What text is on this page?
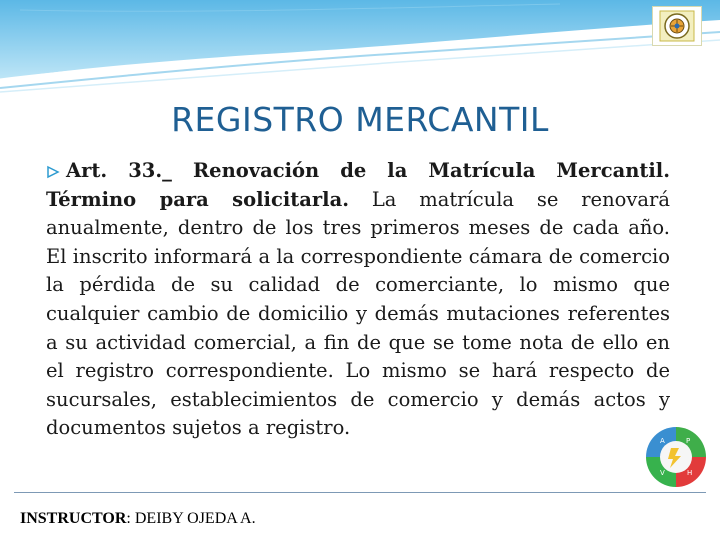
REGISTRO MERCANTIL

Art. 33._ Renovación de la Matrícula Mercantil. Término para solicitarla. La matrícula se renovará anualmente, dentro de los tres primeros meses de cada año. El inscrito informará a la correspondiente cámara de comercio la pérdida de su calidad de comerciante, lo mismo que cualquier cambio de domicilio y demás mutaciones referentes a su actividad comercial, a fin de que se tome nota de ello en el registro correspondiente. Lo mismo se hará respecto de sucursales, establecimientos de comercio y demás actos y documentos sujetos a registro.

A	P
V	H
INSTRUCTOR: DEIBY OJEDA A.
